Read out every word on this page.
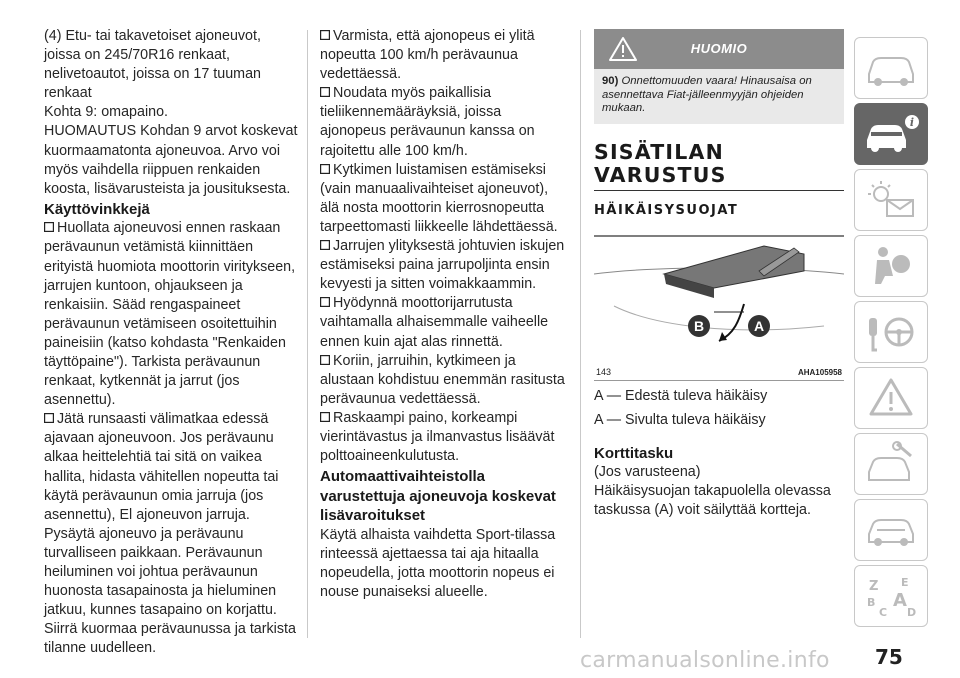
(4) Etu- tai takavetoiset ajoneuvot, joissa on 245/70R16 renkaat, nelivetoautot, joissa on 17 tuuman renkaat

Kohta 9: omapaino.

HUOMAUTUS Kohdan 9 arvot koskevat kuormaamatonta ajoneuvoa. Arvo voi myös vaihdella riippuen renkaiden koosta, lisävarusteista ja jousituksesta.

Käyttövinkkejä

Huollata ajoneuvosi ennen raskaan perävaunun vetämistä kiinnittäen erityistä huomiota moottorin viritykseen, jarrujen kuntoon, ohjaukseen ja renkaisiin. Sääd rengaspaineet perävaunun vetämiseen osoitettuihin paineisiin (katso kohdasta "Renkaiden täyttöpaine"). Tarkista perävaunun renkaat, kytkennät ja jarrut (jos asennettu).

Jätä runsaasti välimatkaa edessä ajavaan ajoneuvoon. Jos perävaunu alkaa heittelehtiä tai sitä on vaikea hallita, hidasta vähitellen nopeutta tai käytä perävaunun omia jarruja (jos asennettu), El ajoneuvon jarruja. Pysäytä ajoneuvo ja perävaunu turvalliseen paikkaan. Perävaunun heiluminen voi johtua perävaunun huonosta tasapainosta ja hieluminen jatkuu, kunnes tasapaino on korjattu. Siirrä kuormaa perävaunussa ja tarkista tilanne uudelleen.

Varmista, että ajonopeus ei ylitä nopeutta 100 km/h perävaunua vedettäessä.

Noudata myös paikallisia tieliikennemääräyksiä, joissa ajonopeus perävaunun kanssa on rajoitettu alle 100 km/h.

Kytkimen luistamisen estämiseksi (vain manuaalivaihteiset ajoneuvot), älä nosta moottorin kierrosnopeutta tarpeettomasti liikkeelle lähdettäessä.

Jarrujen ylityksestä johtuvien iskujen estämiseksi paina jarrupoljinta ensin kevyesti ja sitten voimakkaammin.

Hyödynnä moottorijarrutusta vaihtamalla alhaisemmalle vaiheelle ennen kuin ajat alas rinnettä.

Koriin, jarruihin, kytkimeen ja alustaan kohdistuu enemmän rasitusta perävaunua vedettäessä.

Raskaampi paino, korkeampi vierintävastus ja ilmanvastus lisäävät polttoaineenkulutusta.

Automaattivaihteistolla varustettuja ajoneuvoja koskevat lisävaroitukset

Käytä alhaista vaihdetta Sport-tilassa rinteessä ajettaessa tai aja hitaalla nopeudella, jotta moottorin nopeus ei nouse punaiseksi alueelle.

HUOMIO
90) Onnettomuuden vaara! Hinausaisa on asennettava Fiat-jälleenmyyjän ohjeiden mukaan.
SISÄTILAN
VARUSTUS
HÄIKÄISYSUOJAT
B	A
143	AHA105958

A — Edestä tuleva häikäisy

A — Sivulta tuleva häikäisy

Korttitasku

(Jos varusteena)

Häikäisysuojan takapuolella olevassa taskussa (A) voit säilyttää kortteja.

i
Z E
B A
C D
75
carmanualsonline.info
